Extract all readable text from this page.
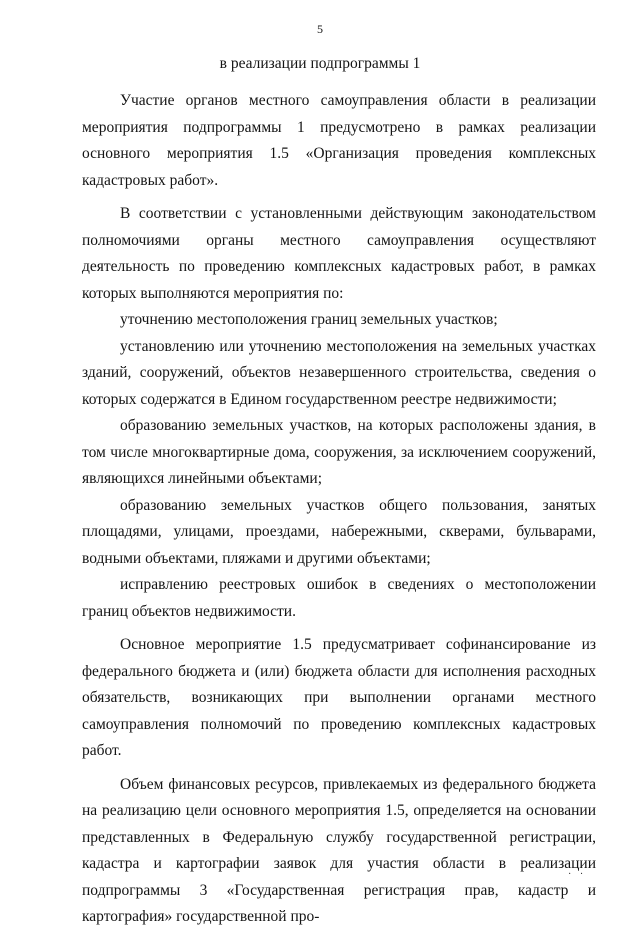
5
в реализации подпрограммы 1

Участие органов местного самоуправления области в реализации мероприятия подпрограммы 1 предусмотрено в рамках реализации основного мероприятия 1.5 «Организация проведения комплексных кадастровых работ».

В соответствии с установленными действующим законодательством полномочиями органы местного самоуправления осуществляют деятельность по проведению комплексных кадастровых работ, в рамках которых выполняются мероприятия по:

уточнению местоположения границ земельных участков;

установлению или уточнению местоположения на земельных участках зданий, сооружений, объектов незавершенного строительства, сведения о которых содержатся в Едином государственном реестре недвижимости;

образованию земельных участков, на которых расположены здания, в том числе многоквартирные дома, сооружения, за исключением сооружений, являющихся линейными объектами;

образованию земельных участков общего пользования, занятых площадями, улицами, проездами, набережными, скверами, бульварами, водными объектами, пляжами и другими объектами;

исправлению реестровых ошибок в сведениях о местоположении границ объектов недвижимости.

Основное мероприятие 1.5 предусматривает софинансирование из федерального бюджета и (или) бюджета области для исполнения расходных обязательств, возникающих при выполнении органами местного самоуправления полномочий по проведению комплексных кадастровых работ.

Объем финансовых ресурсов, привлекаемых из федерального бюджета на реализацию цели основного мероприятия 1.5, определяется на основании представленных в Федеральную службу государственной регистрации, кадастра и картографии заявок для участия области в реализации подпрограммы 3 «Государственная регистрация прав, кадастр и картография» государственной про-

· ·
